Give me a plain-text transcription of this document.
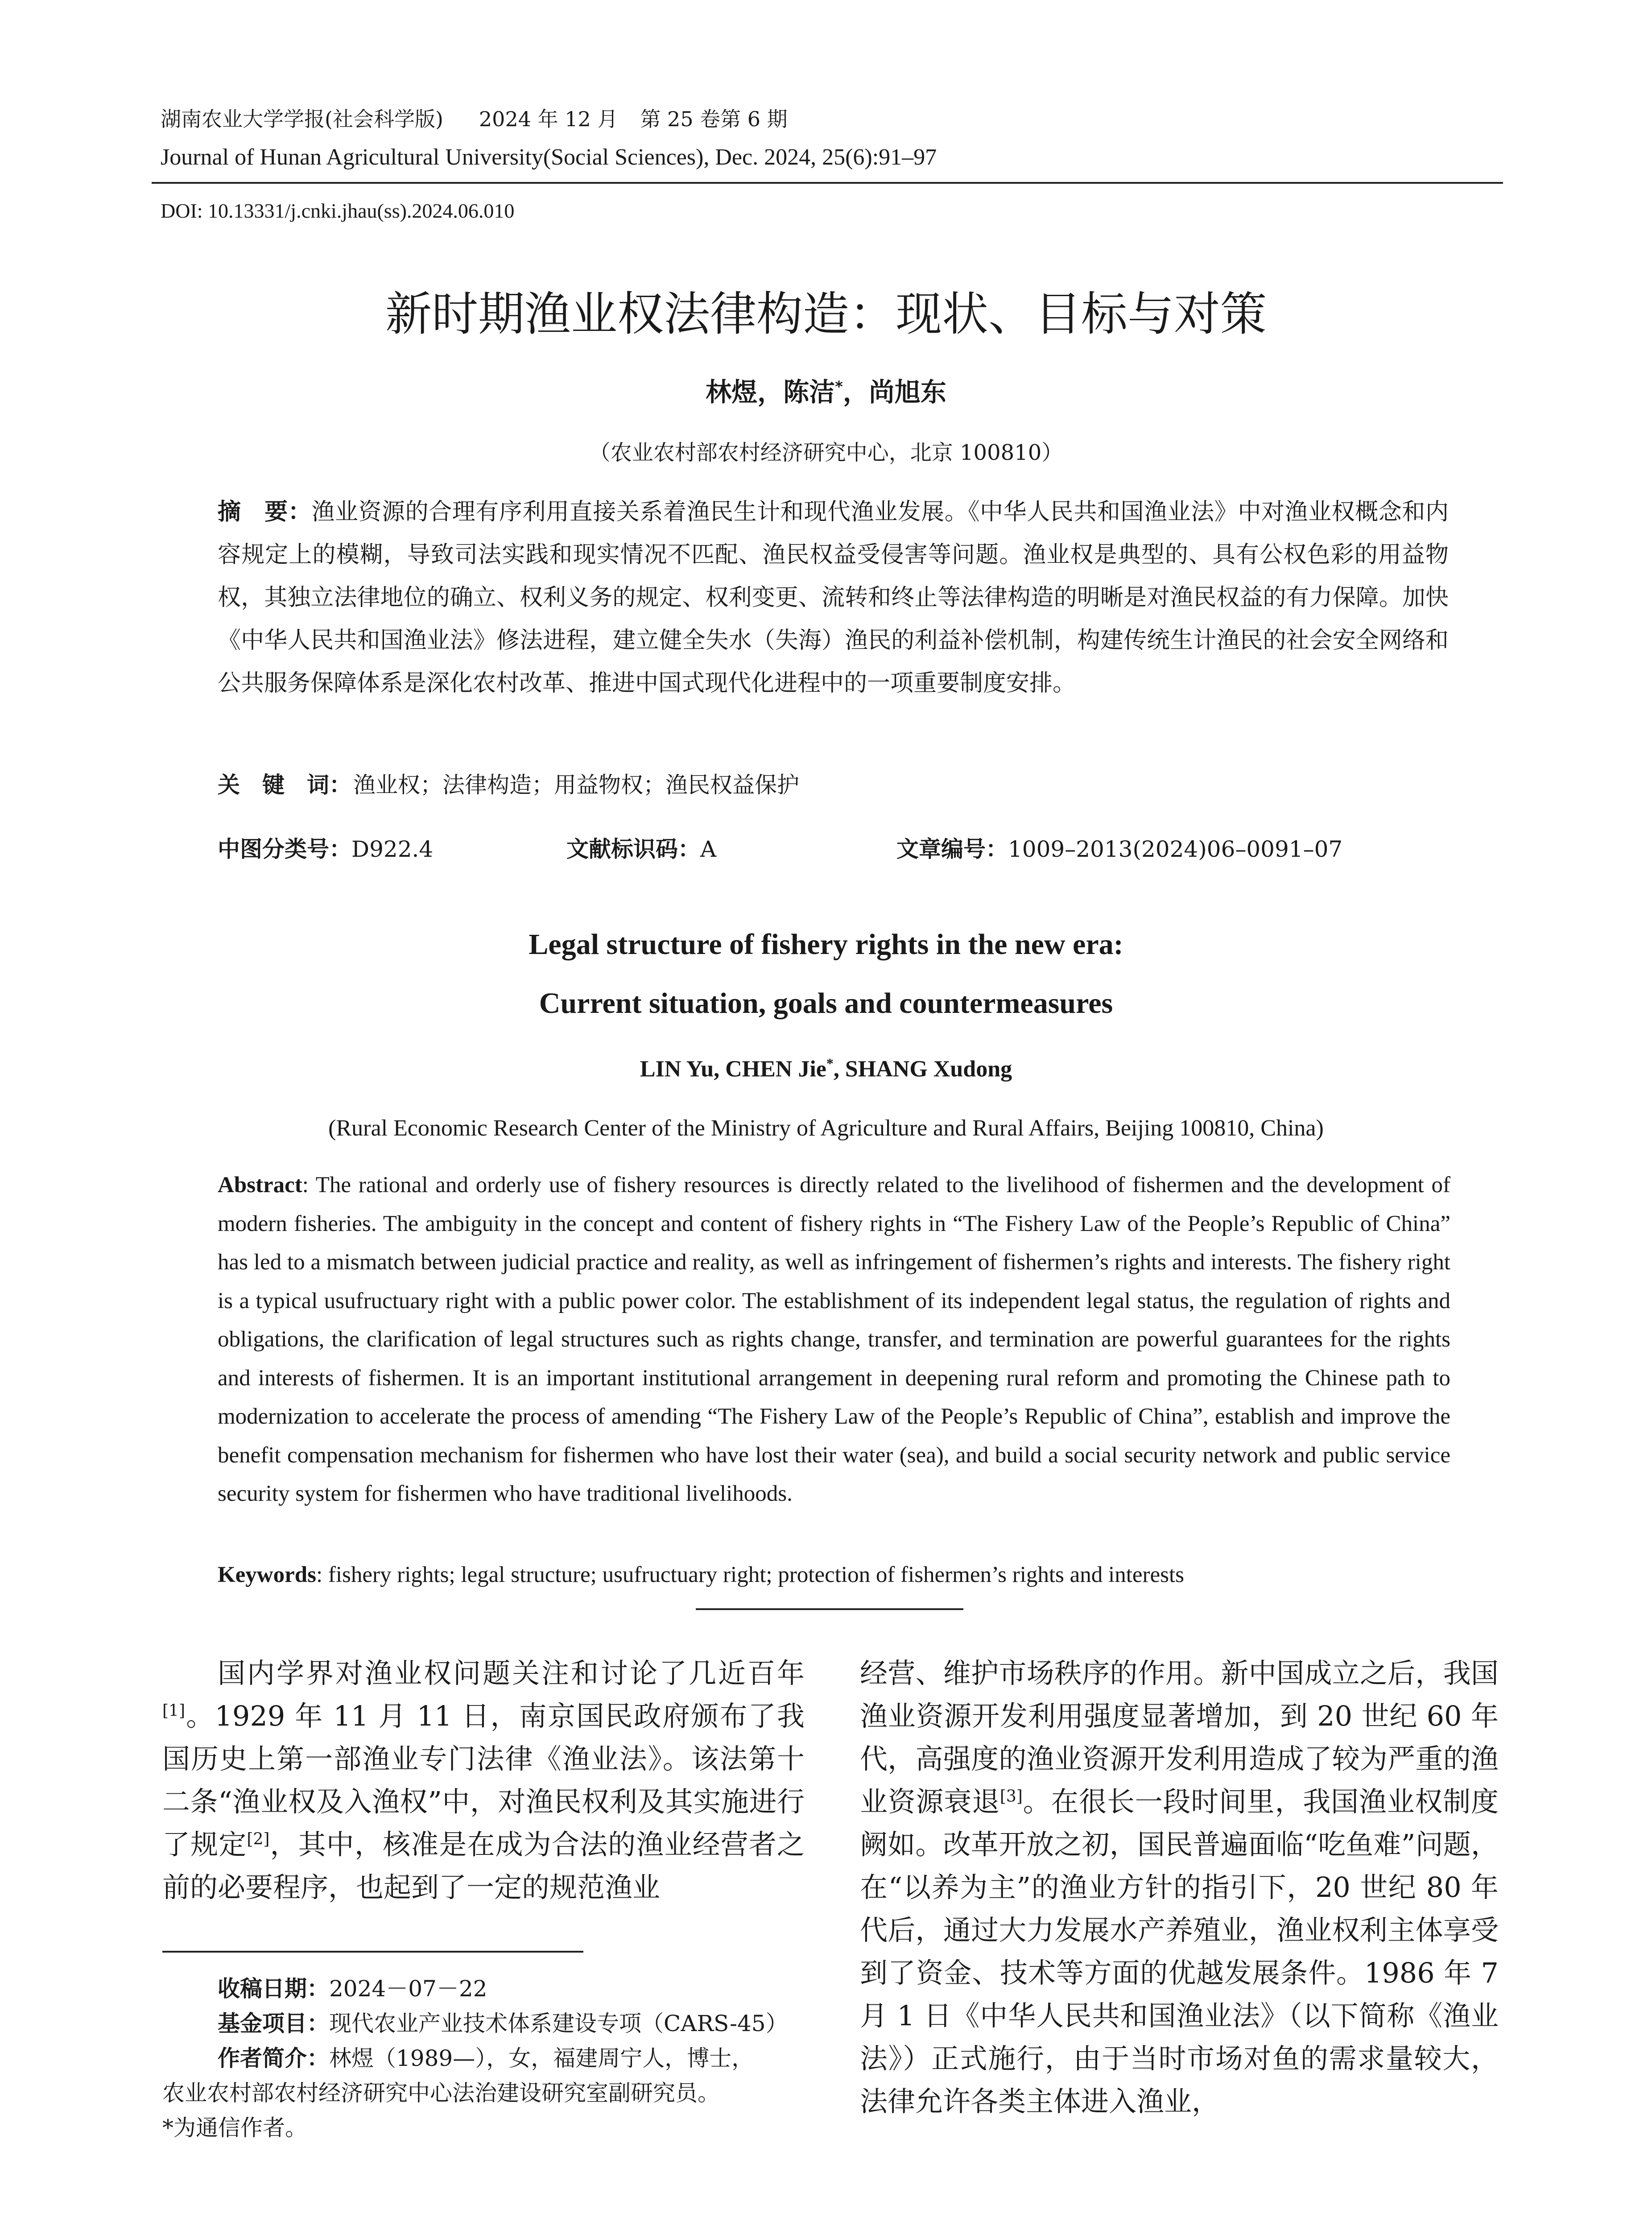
湖南农业大学学报(社会科学版) 2024 年 12 月 第 25 卷第 6 期
Journal of Hunan Agricultural University(Social Sciences), Dec. 2024, 25(6):91–97
DOI: 10.13331/j.cnki.jhau(ss).2024.06.010
新时期渔业权法律构造：现状、目标与对策
林煜，陈洁*，尚旭东
（农业农村部农村经济研究中心，北京 100810）
摘　要：渔业资源的合理有序利用直接关系着渔民生计和现代渔业发展。《中华人民共和国渔业法》中对渔业权概念和内容规定上的模糊，导致司法实践和现实情况不匹配、渔民权益受侵害等问题。渔业权是典型的、具有公权色彩的用益物权，其独立法律地位的确立、权利义务的规定、权利变更、流转和终止等法律构造的明晰是对渔民权益的有力保障。加快《中华人民共和国渔业法》修法进程，建立健全失水（失海）渔民的利益补偿机制，构建传统生计渔民的社会安全网络和公共服务保障体系是深化农村改革、推进中国式现代化进程中的一项重要制度安排。
关　键　词：渔业权；法律构造；用益物权；渔民权益保护
中图分类号：D922.4	文献标识码：A	文章编号：1009–2013(2024)06–0091–07
Legal structure of fishery rights in the new era:
Current situation, goals and countermeasures
LIN Yu, CHEN Jie*, SHANG Xudong
(Rural Economic Research Center of the Ministry of Agriculture and Rural Affairs, Beijing 100810, China)
Abstract: The rational and orderly use of fishery resources is directly related to the livelihood of fishermen and the development of modern fisheries. The ambiguity in the concept and content of fishery rights in “The Fishery Law of the People’s Republic of China” has led to a mismatch between judicial practice and reality, as well as infringement of fishermen’s rights and interests. The fishery right is a typical usufructuary right with a public power color. The establishment of its independent legal status, the regulation of rights and obligations, the clarification of legal structures such as rights change, transfer, and termination are powerful guarantees for the rights and interests of fishermen. It is an important institutional arrangement in deepening rural reform and promoting the Chinese path to modernization to accelerate the process of amending “The Fishery Law of the People’s Republic of China”, establish and improve the benefit compensation mechanism for fishermen who have lost their water (sea), and build a social security network and public service security system for fishermen who have traditional livelihoods.
Keywords: fishery rights; legal structure; usufructuary right; protection of fishermen’s rights and interests
国内学界对渔业权问题关注和讨论了几近百年[1]。1929 年 11 月 11 日，南京国民政府颁布了我国历史上第一部渔业专门法律《渔业法》。该法第十二条“渔业权及入渔权”中，对渔民权利及其实施进行了规定[2]，其中，核准是在成为合法的渔业经营者之前的必要程序，也起到了一定的规范渔业
经营、维护市场秩序的作用。新中国成立之后，我国渔业资源开发利用强度显著增加，到 20 世纪 60 年代，高强度的渔业资源开发利用造成了较为严重的渔业资源衰退[3]。在很长一段时间里，我国渔业权制度阙如。改革开放之初，国民普遍面临“吃鱼难”问题，在“以养为主”的渔业方针的指引下，20 世纪 80 年代后，通过大力发展水产养殖业，渔业权利主体享受到了资金、技术等方面的优越发展条件。1986 年 7 月 1 日《中华人民共和国渔业法》（以下简称《渔业法》）正式施行，由于当时市场对鱼的需求量较大，法律允许各类主体进入渔业，
收稿日期：2024－07－22
基金项目：现代农业产业技术体系建设专项（CARS-45）
作者简介：林煜（1989—），女，福建周宁人，博士，
农业农村部农村经济研究中心法治建设研究室副研究员。
*为通信作者。
